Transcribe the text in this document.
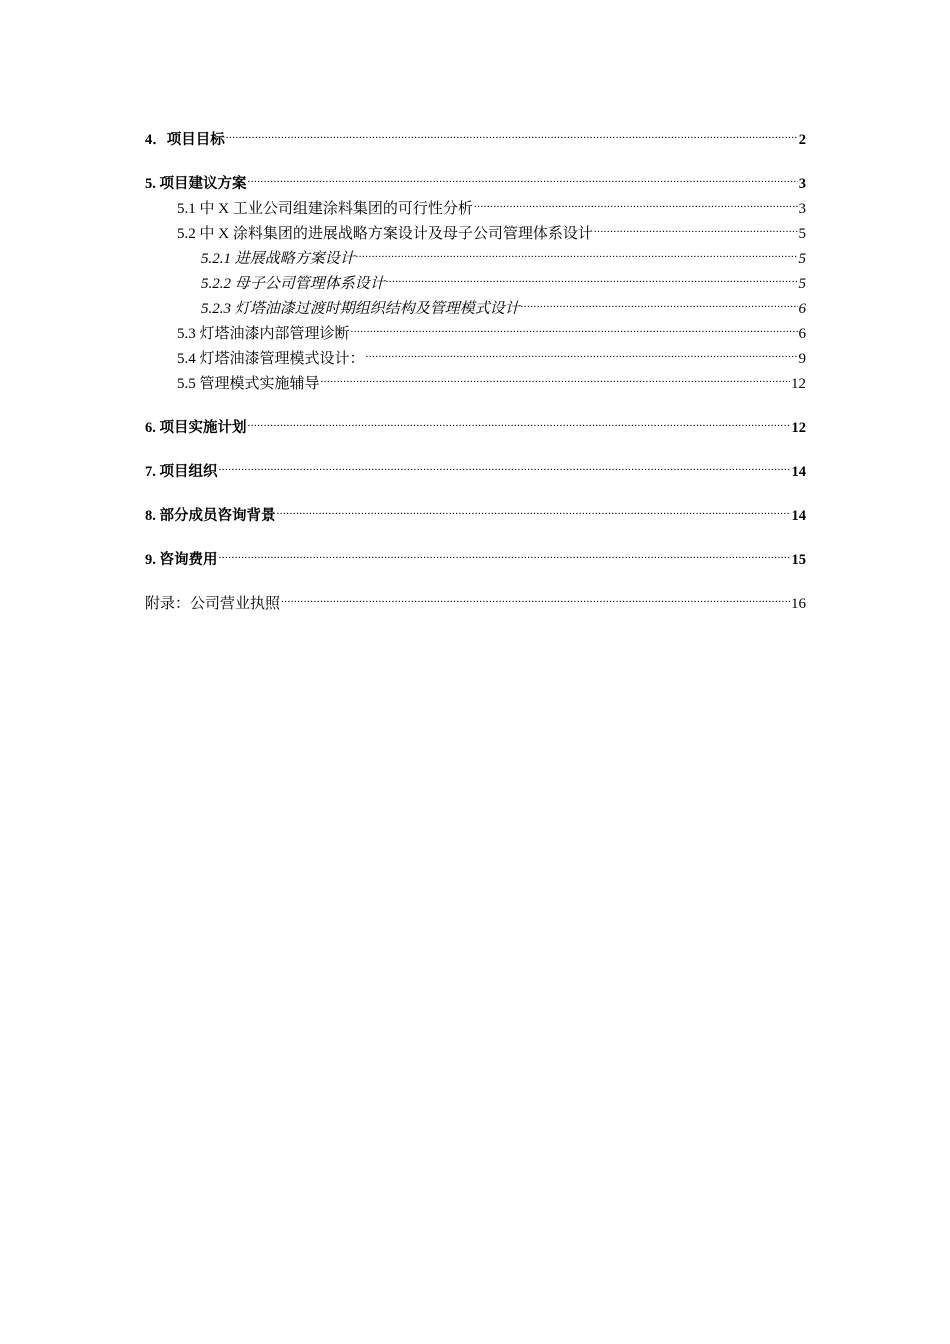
4．项目目标 .....	2
5. 项目建议方案 .....	3
5.1 中 X 工业公司组建涂料集团的可行性分析 .....	3
5.2 中 X 涂料集团的进展战略方案设计及母子公司管理体系设计 .....	5
5.2.1 进展战略方案设计 .....	5
5.2.2 母子公司管理体系设计 .....	5
5.2.3 灯塔油漆过渡时期组织结构及管理模式设计 .....	6
5.3 灯塔油漆内部管理诊断 .....	6
5.4 灯塔油漆管理模式设计： .....	9
5.5 管理模式实施辅导 .....	12
6. 项目实施计划 .....	12
7. 项目组织 .....	14
8. 部分成员咨询背景 .....	14
9. 咨询费用 .....	15
附录：公司营业执照 .....	16
